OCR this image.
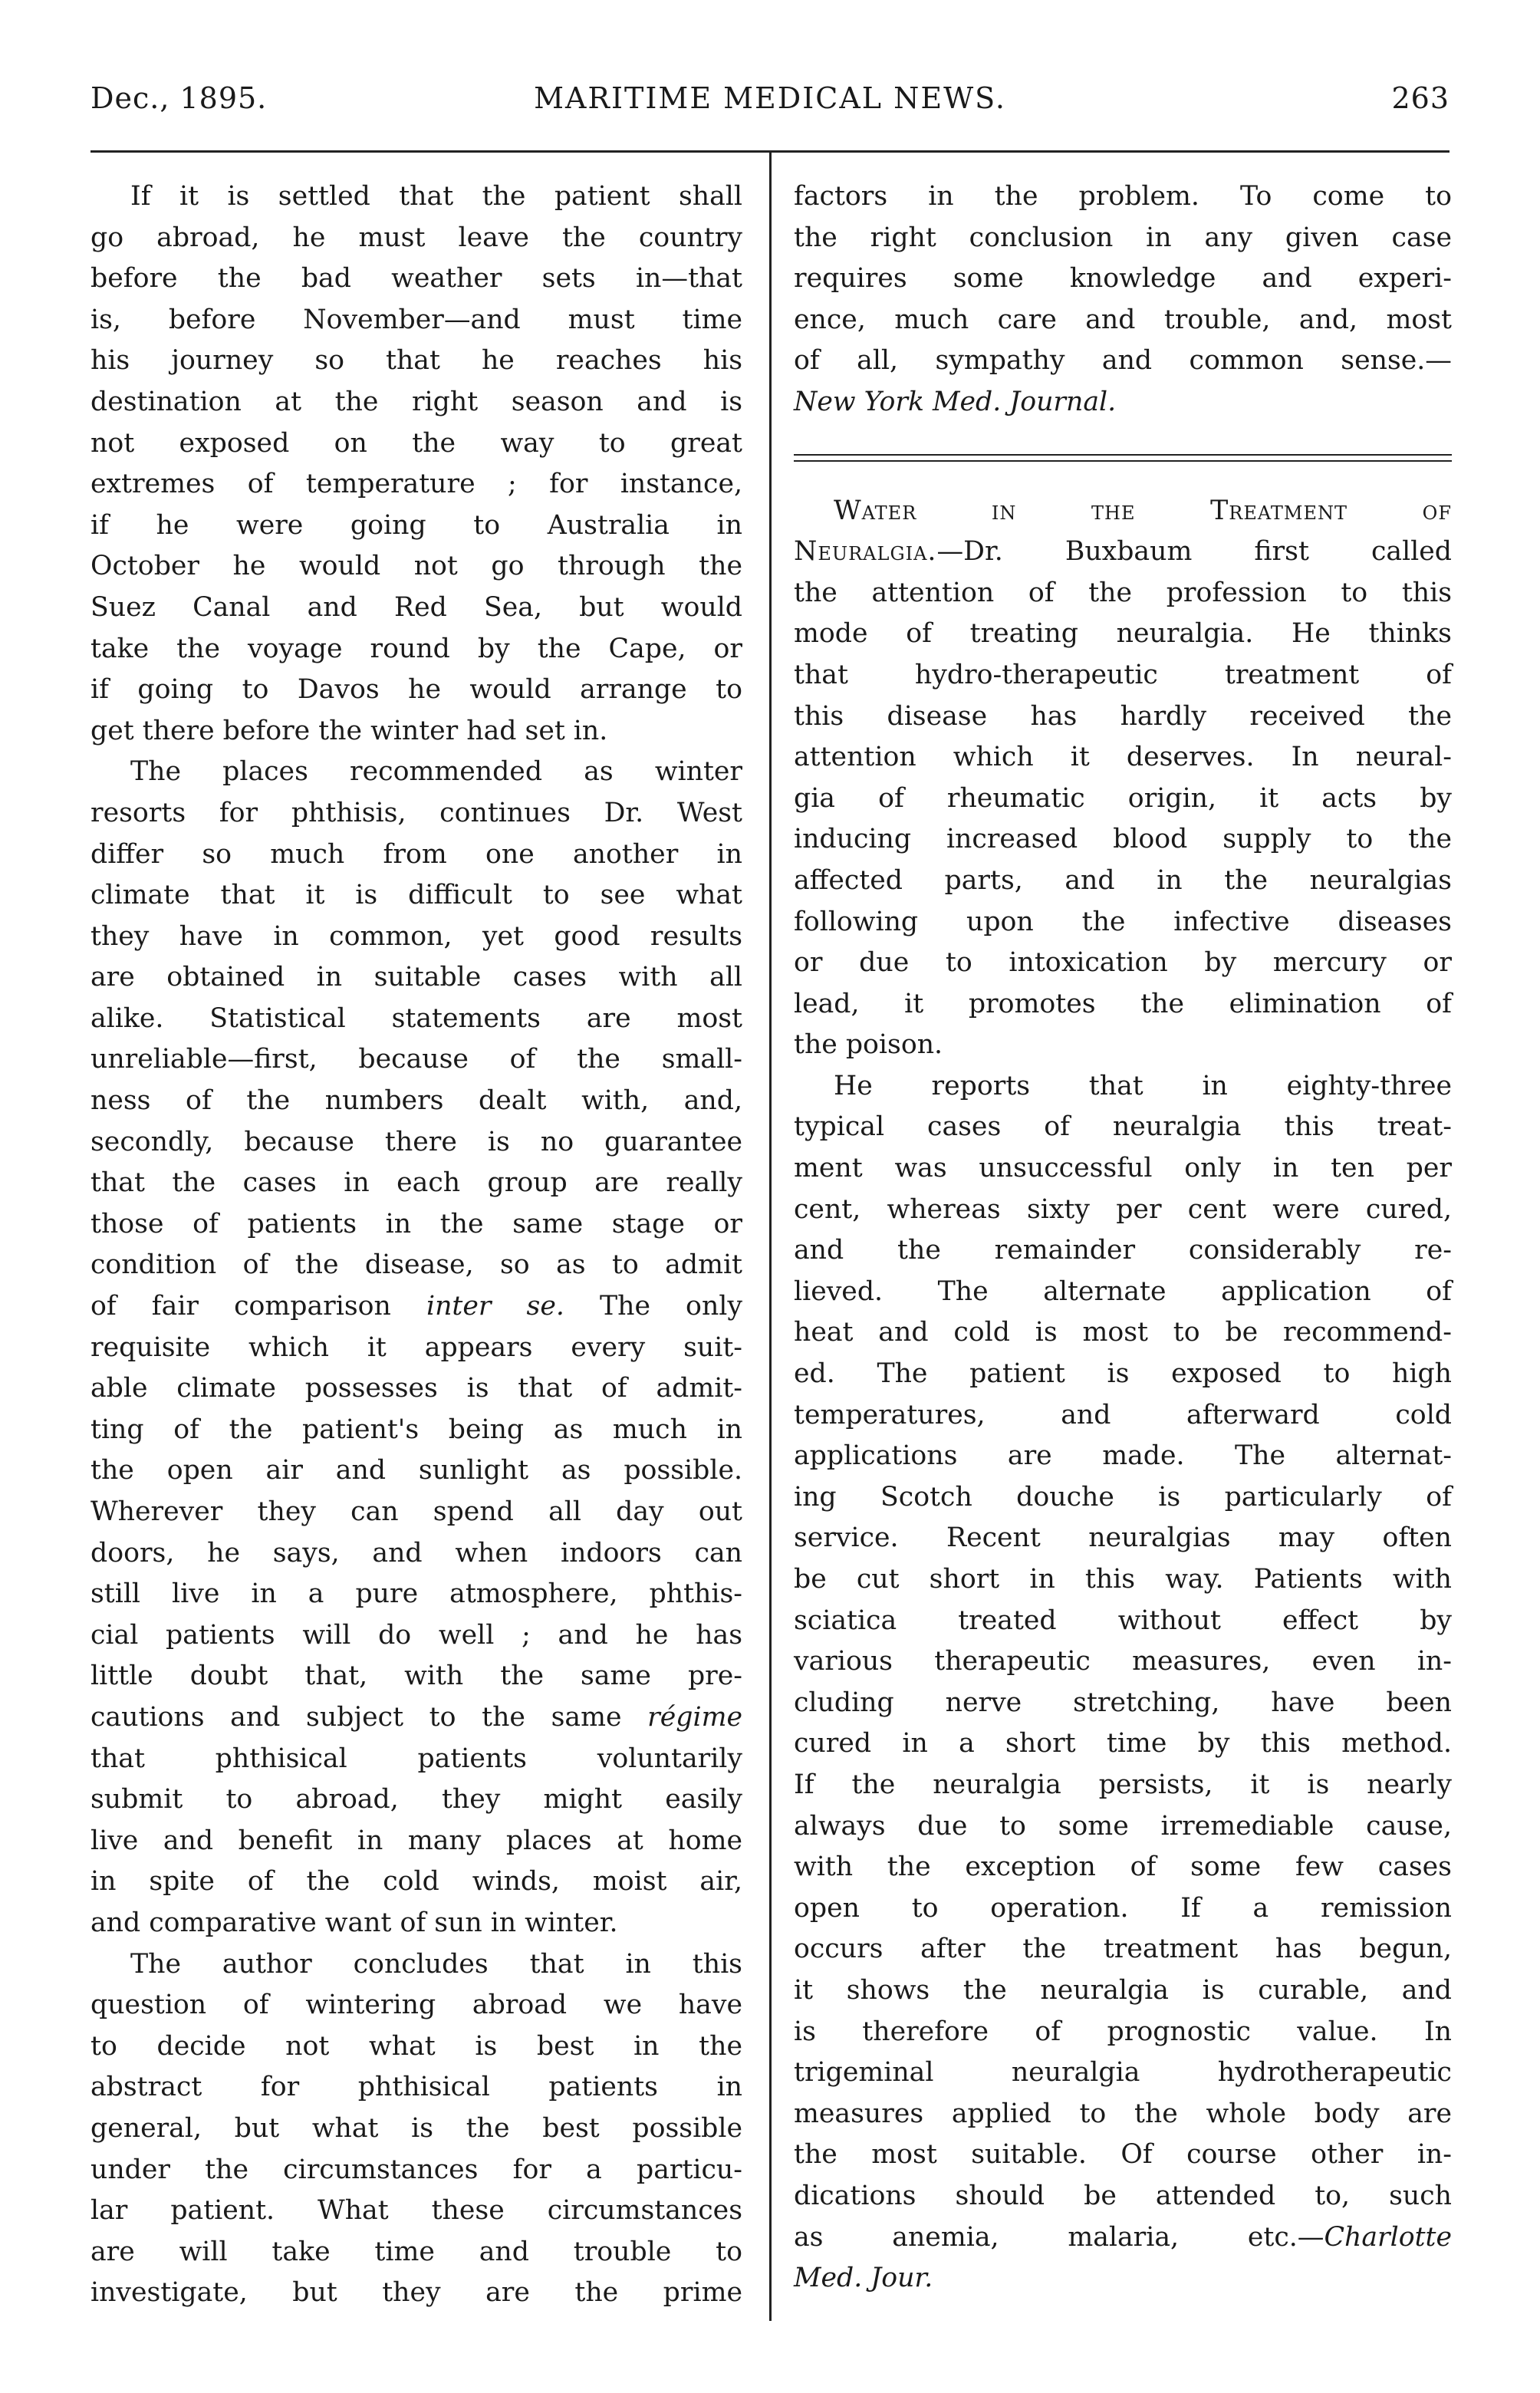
Dec., 1895.	MARITIME MEDICAL NEWS.	263
If it is settled that the patient shall
go abroad, he must leave the country
before the bad weather sets in—that
is, before November—and must time
his journey so that he reaches his
destination at the right season and is
not exposed on the way to great
extremes of temperature ; for instance,
if he were going to Australia in
October he would not go through the
Suez Canal and Red Sea, but would
take the voyage round by the Cape, or
if going to Davos he would arrange to
get there before the winter had set in.
The places recommended as winter
resorts for phthisis, continues Dr. West
differ so much from one another in
climate that it is difficult to see what
they have in common, yet good results
are obtained in suitable cases with all
alike. Statistical statements are most
unreliable—first, because of the small-
ness of the numbers dealt with, and,
secondly, because there is no guarantee
that the cases in each group are really
those of patients in the same stage or
condition of the disease, so as to admit
of fair comparison inter se. The only
requisite which it appears every suit-
able climate possesses is that of admit-
ting of the patient's being as much in
the open air and sunlight as possible.
Wherever they can spend all day out
doors, he says, and when indoors can
still live in a pure atmosphere, phthis-
cial patients will do well ; and he has
little doubt that, with the same pre-
cautions and subject to the same régime
that phthisical patients voluntarily
submit to abroad, they might easily
live and benefit in many places at home
in spite of the cold winds, moist air,
and comparative want of sun in winter.
The author concludes that in this
question of wintering abroad we have
to decide not what is best in the
abstract for phthisical patients in
general, but what is the best possible
under the circumstances for a particu-
lar patient. What these circumstances
are will take time and trouble to
investigate, but they are the prime
factors in the problem. To come to
the right conclusion in any given case
requires some knowledge and experi-
ence, much care and trouble, and, most
of all, sympathy and common sense.—
New York Med. Journal.
Water in the Treatment of
Neuralgia.—Dr. Buxbaum first called
the attention of the profession to this
mode of treating neuralgia. He thinks
that hydro-therapeutic treatment of
this disease has hardly received the
attention which it deserves. In neural-
gia of rheumatic origin, it acts by
inducing increased blood supply to the
affected parts, and in the neuralgias
following upon the infective diseases
or due to intoxication by mercury or
lead, it promotes the elimination of
the poison.
He reports that in eighty-three
typical cases of neuralgia this treat-
ment was unsuccessful only in ten per
cent, whereas sixty per cent were cured,
and the remainder considerably re-
lieved. The alternate application of
heat and cold is most to be recommend-
ed. The patient is exposed to high
temperatures, and afterward cold
applications are made. The alternat-
ing Scotch douche is particularly of
service. Recent neuralgias may often
be cut short in this way. Patients with
sciatica treated without effect by
various therapeutic measures, even in-
cluding nerve stretching, have been
cured in a short time by this method.
If the neuralgia persists, it is nearly
always due to some irremediable cause,
with the exception of some few cases
open to operation. If a remission
occurs after the treatment has begun,
it shows the neuralgia is curable, and
is therefore of prognostic value. In
trigeminal neuralgia hydrotherapeutic
measures applied to the whole body are
the most suitable. Of course other in-
dications should be attended to, such
as anemia, malaria, etc.—Charlotte
Med. Jour.
